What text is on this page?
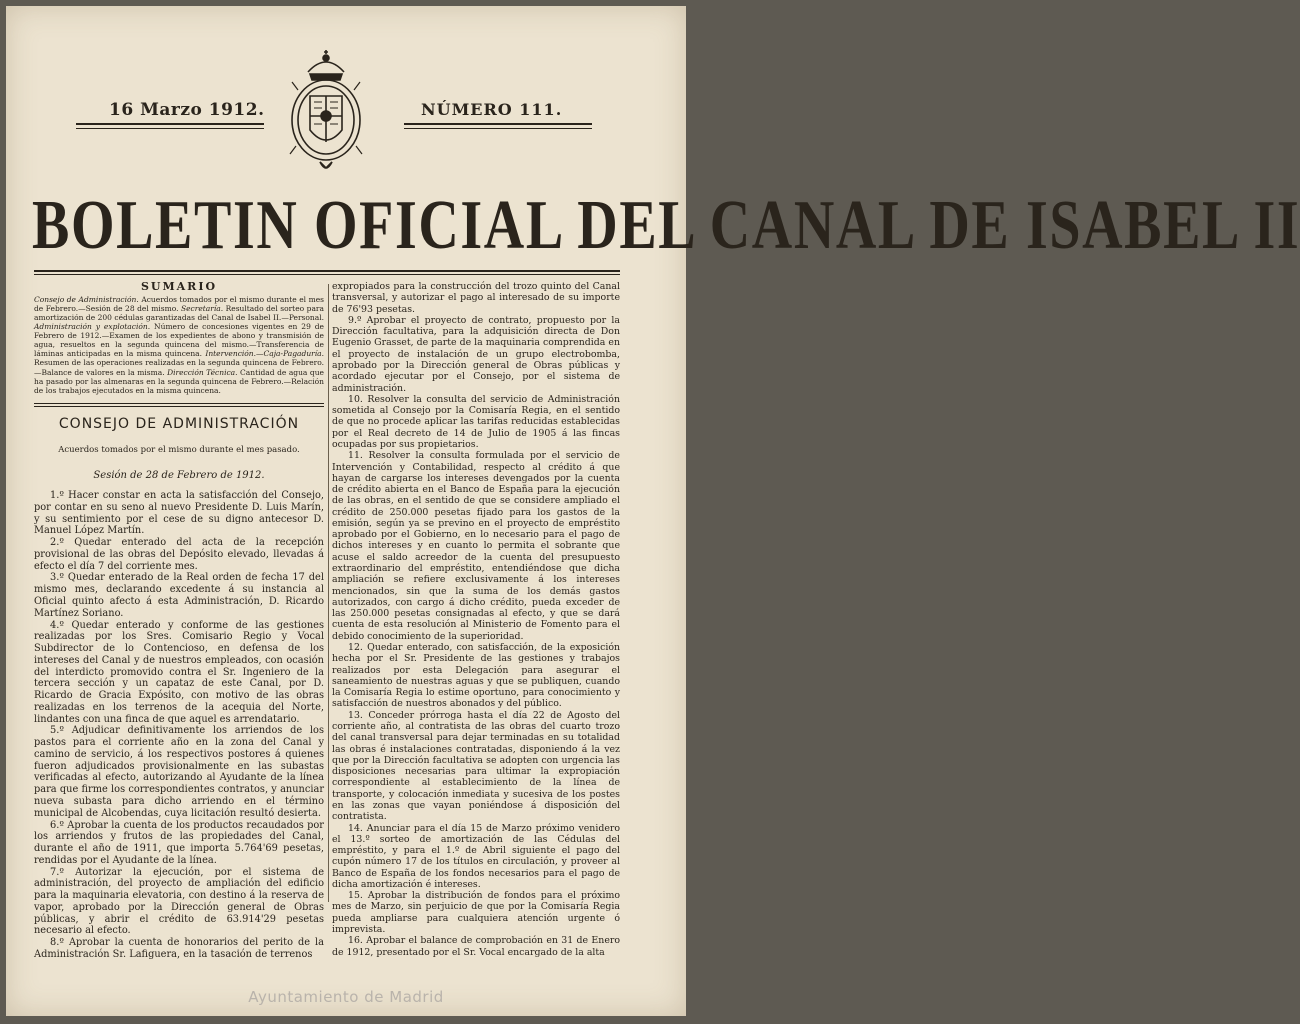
16 Marzo 1912.	NÚMERO 111.
BOLETIN OFICIAL DEL CANAL DE ISABEL II
SUMARIO
Consejo de Administración. Acuerdos tomados por el mismo durante el mes de Febrero.—Sesión de 28 del mismo. Secretaría. Resultado del sorteo para amortización de 200 cédulas garantizadas del Canal de Isabel II.—Personal. Administración y explotación. Número de concesiones vigentes en 29 de Febrero de 1912.—Examen de los expedientes de abono y transmisión de agua, resueltos en la segunda quincena del mismo.—Transferencia de láminas anticipadas en la misma quincena. Intervención.—Caja-Pagaduría. Resumen de las operaciones realizadas en la segunda quincena de Febrero.—Balance de valores en la misma. Dirección Técnica. Cantidad de agua que ha pasado por las almenaras en la segunda quincena de Febrero.—Relación de los trabajos ejecutados en la misma quincena.
CONSEJO DE ADMINISTRACIÓN
Acuerdos tomados por el mismo durante el mes pasado.
Sesión de 28 de Febrero de 1912.

1.º Hacer constar en acta la satisfacción del Consejo, por contar en su seno al nuevo Presidente D. Luis Marín, y su sentimiento por el cese de su digno antecesor D. Manuel López Martín.

2.º Quedar enterado del acta de la recepción provisional de las obras del Depósito elevado, llevadas á efecto el día 7 del corriente mes.

3.º Quedar enterado de la Real orden de fecha 17 del mismo mes, declarando excedente á su instancia al Oficial quinto afecto á esta Administración, D. Ricardo Martínez Soriano.

4.º Quedar enterado y conforme de las gestiones realizadas por los Sres. Comisario Regio y Vocal Subdirector de lo Contencioso, en defensa de los intereses del Canal y de nuestros empleados, con ocasión del interdicto promovido contra el Sr. Ingeniero de la tercera sección y un capataz de este Canal, por D. Ricardo de Gracia Expósito, con motivo de las obras realizadas en los terrenos de la acequia del Norte, lindantes con una finca de que aquel es arrendatario.

5.º Adjudicar definitivamente los arriendos de los pastos para el corriente año en la zona del Canal y camino de servicio, á los respectivos postores á quienes fueron adjudicados provisionalmente en las subastas verificadas al efecto, autorizando al Ayudante de la línea para que firme los correspondientes contratos, y anunciar nueva subasta para dicho arriendo en el término municipal de Alcobendas, cuya licitación resultó desierta.

6.º Aprobar la cuenta de los productos recaudados por los arriendos y frutos de las propiedades del Canal, durante el año de 1911, que importa 5.764'69 pesetas, rendidas por el Ayudante de la línea.

7.º Autorizar la ejecución, por el sistema de administración, del proyecto de ampliación del edificio para la maquinaria elevatoria, con destino á la reserva de vapor, aprobado por la Dirección general de Obras públicas, y abrir el crédito de 63.914'29 pesetas necesario al efecto.

8.º Aprobar la cuenta de honorarios del perito de la Administración Sr. Lafiguera, en la tasación de terrenos

expropiados para la construcción del trozo quinto del Canal transversal, y autorizar el pago al interesado de su importe de 76'93 pesetas.

9.º Aprobar el proyecto de contrato, propuesto por la Dirección facultativa, para la adquisición directa de Don Eugenio Grasset, de parte de la maquinaria comprendida en el proyecto de instalación de un grupo electrobomba, aprobado por la Dirección general de Obras públicas y acordado ejecutar por el Consejo, por el sistema de administración.

10. Resolver la consulta del servicio de Administración sometida al Consejo por la Comisaría Regia, en el sentido de que no procede aplicar las tarifas reducidas establecidas por el Real decreto de 14 de Julio de 1905 á las fincas ocupadas por sus propietarios.

11. Resolver la consulta formulada por el servicio de Intervención y Contabilidad, respecto al crédito á que hayan de cargarse los intereses devengados por la cuenta de crédito abierta en el Banco de España para la ejecución de las obras, en el sentido de que se considere ampliado el crédito de 250.000 pesetas fijado para los gastos de la emisión, según ya se previno en el proyecto de empréstito aprobado por el Gobierno, en lo necesario para el pago de dichos intereses y en cuanto lo permita el sobrante que acuse el saldo acreedor de la cuenta del presupuesto extraordinario del empréstito, entendiéndose que dicha ampliación se refiere exclusivamente á los intereses mencionados, sin que la suma de los demás gastos autorizados, con cargo á dicho crédito, pueda exceder de las 250.000 pesetas consignadas al efecto, y que se dará cuenta de esta resolución al Ministerio de Fomento para el debido conocimiento de la superioridad.

12. Quedar enterado, con satisfacción, de la exposición hecha por el Sr. Presidente de las gestiones y trabajos realizados por esta Delegación para asegurar el saneamiento de nuestras aguas y que se publiquen, cuando la Comisaría Regia lo estime oportuno, para conocimiento y satisfacción de nuestros abonados y del público.

13. Conceder prórroga hasta el día 22 de Agosto del corriente año, al contratista de las obras del cuarto trozo del canal transversal para dejar terminadas en su totalidad las obras é instalaciones contratadas, disponiendo á la vez que por la Dirección facultativa se adopten con urgencia las disposiciones necesarias para ultimar la expropiación correspondiente al establecimiento de la línea de transporte, y colocación inmediata y sucesiva de los postes en las zonas que vayan poniéndose á disposición del contratista.

14. Anunciar para el día 15 de Marzo próximo venidero el 13.º sorteo de amortización de las Cédulas del empréstito, y para el 1.º de Abril siguiente el pago del cupón número 17 de los títulos en circulación, y proveer al Banco de España de los fondos necesarios para el pago de dicha amortización é intereses.

15. Aprobar la distribución de fondos para el próximo mes de Marzo, sin perjuicio de que por la Comisaría Regia pueda ampliarse para cualquiera atención urgente ó imprevista.

16. Aprobar el balance de comprobación en 31 de Enero de 1912, presentado por el Sr. Vocal encargado de la alta

Ayuntamiento de Madrid
